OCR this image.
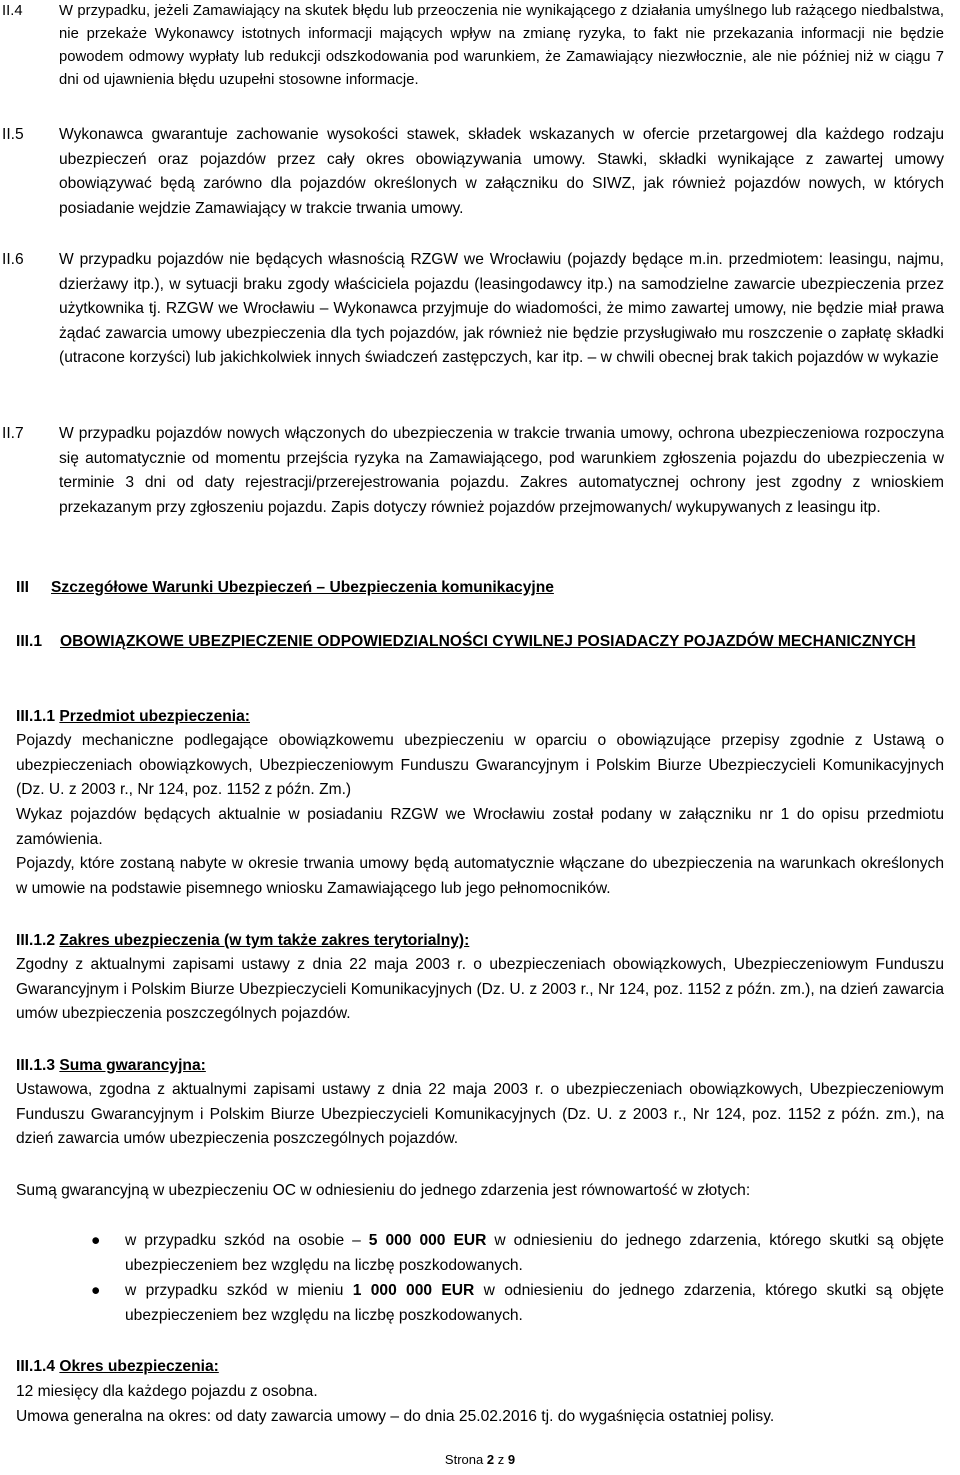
II.4 W przypadku, jeżeli Zamawiający na skutek błędu lub przeoczenia nie wynikającego z działania umyślnego lub rażącego niedbalstwa, nie przekaże Wykonawcy istotnych informacji mających wpływ na zmianę ryzyka, to fakt nie przekazania informacji nie będzie powodem odmowy wypłaty lub redukcji odszkodowania pod warunkiem, że Zamawiający niezwłocznie, ale nie później niż w ciągu 7 dni od ujawnienia błędu uzupełni stosowne informacje.
II.5 Wykonawca gwarantuje zachowanie wysokości stawek, składek wskazanych w ofercie przetargowej dla każdego rodzaju ubezpieczeń oraz pojazdów przez cały okres obowiązywania umowy. Stawki, składki wynikające z zawartej umowy obowiązywać będą zarówno dla pojazdów określonych w załączniku do SIWZ, jak również pojazdów nowych, w których posiadanie wejdzie Zamawiający w trakcie trwania umowy.
II.6 W przypadku pojazdów nie będących własnością RZGW we Wrocławiu (pojazdy będące m.in. przedmiotem: leasingu, najmu, dzierżawy itp.), w sytuacji braku zgody właściciela pojazdu (leasingodawcy itp.) na samodzielne zawarcie ubezpieczenia przez użytkownika tj. RZGW we Wrocławiu – Wykonawca przyjmuje do wiadomości, że mimo zawartej umowy, nie będzie miał prawa żądać zawarcia umowy ubezpieczenia dla tych pojazdów, jak również nie będzie przysługiwało mu roszczenie o zapłatę składki (utracone korzyści) lub jakichkolwiek innych świadczeń zastępczych, kar itp. – w chwili obecnej brak takich pojazdów w wykazie
II.7 W przypadku pojazdów nowych włączonych do ubezpieczenia w trakcie trwania umowy, ochrona ubezpieczeniowa rozpoczyna się automatycznie od momentu przejścia ryzyka na Zamawiającego, pod warunkiem zgłoszenia pojazdu do ubezpieczenia w terminie 3 dni od daty rejestracji/przerejestrowania pojazdu. Zakres automatycznej ochrony jest zgodny z wnioskiem przekazanym przy zgłoszeniu pojazdu. Zapis dotyczy również pojazdów przejmowanych/ wykupywanych z leasingu itp.
III Szczegółowe Warunki Ubezpieczeń – Ubezpieczenia komunikacyjne
III.1	OBOWIĄZKOWE UBEZPIECZENIE ODPOWIEDZIALNOŚCI CYWILNEJ POSIADACZY POJAZDÓW MECHANICZNYCH
III.1.1 Przedmiot ubezpieczenia:
Pojazdy mechaniczne podlegające obowiązkowemu ubezpieczeniu w oparciu o obowiązujące przepisy zgodnie z Ustawą o ubezpieczeniach obowiązkowych, Ubezpieczeniowym Funduszu Gwarancyjnym i Polskim Biurze Ubezpieczycieli Komunikacyjnych (Dz. U. z 2003 r., Nr 124, poz. 1152 z późn. Zm.)
Wykaz pojazdów będących aktualnie w posiadaniu RZGW we Wrocławiu został podany w załączniku nr 1 do opisu przedmiotu zamówienia.
Pojazdy, które zostaną nabyte w okresie trwania umowy będą automatycznie włączane do ubezpieczenia na warunkach określonych w umowie na podstawie pisemnego wniosku Zamawiającego lub jego pełnomocników.
III.1.2 Zakres ubezpieczenia (w tym także zakres terytorialny):
Zgodny z aktualnymi zapisami ustawy z dnia 22 maja 2003 r. o ubezpieczeniach obowiązkowych, Ubezpieczeniowym Funduszu Gwarancyjnym i Polskim Biurze Ubezpieczycieli Komunikacyjnych (Dz. U. z 2003 r., Nr 124, poz. 1152 z późn. zm.), na dzień zawarcia umów ubezpieczenia poszczególnych pojazdów.
III.1.3 Suma gwarancyjna:
Ustawowa, zgodna z aktualnymi zapisami ustawy z dnia 22 maja 2003 r. o ubezpieczeniach obowiązkowych, Ubezpieczeniowym Funduszu Gwarancyjnym i Polskim Biurze Ubezpieczycieli Komunikacyjnych (Dz. U. z 2003 r., Nr 124, poz. 1152 z późn. zm.), na dzień zawarcia umów ubezpieczenia poszczególnych pojazdów.
Sumą gwarancyjną w ubezpieczeniu OC w odniesieniu do jednego zdarzenia jest równowartość w złotych:
● w przypadku szkód na osobie – 5 000 000 EUR w odniesieniu do jednego zdarzenia, którego skutki są objęte ubezpieczeniem bez względu na liczbę poszkodowanych.
● w przypadku szkód w mieniu 1 000 000 EUR w odniesieniu do jednego zdarzenia, którego skutki są objęte ubezpieczeniem bez względu na liczbę poszkodowanych.
III.1.4 Okres ubezpieczenia:
12 miesięcy dla każdego pojazdu z osobna.
Umowa generalna na okres: od daty zawarcia umowy – do dnia 25.02.2016 tj. do wygaśnięcia ostatniej polisy.
Strona 2 z 9
